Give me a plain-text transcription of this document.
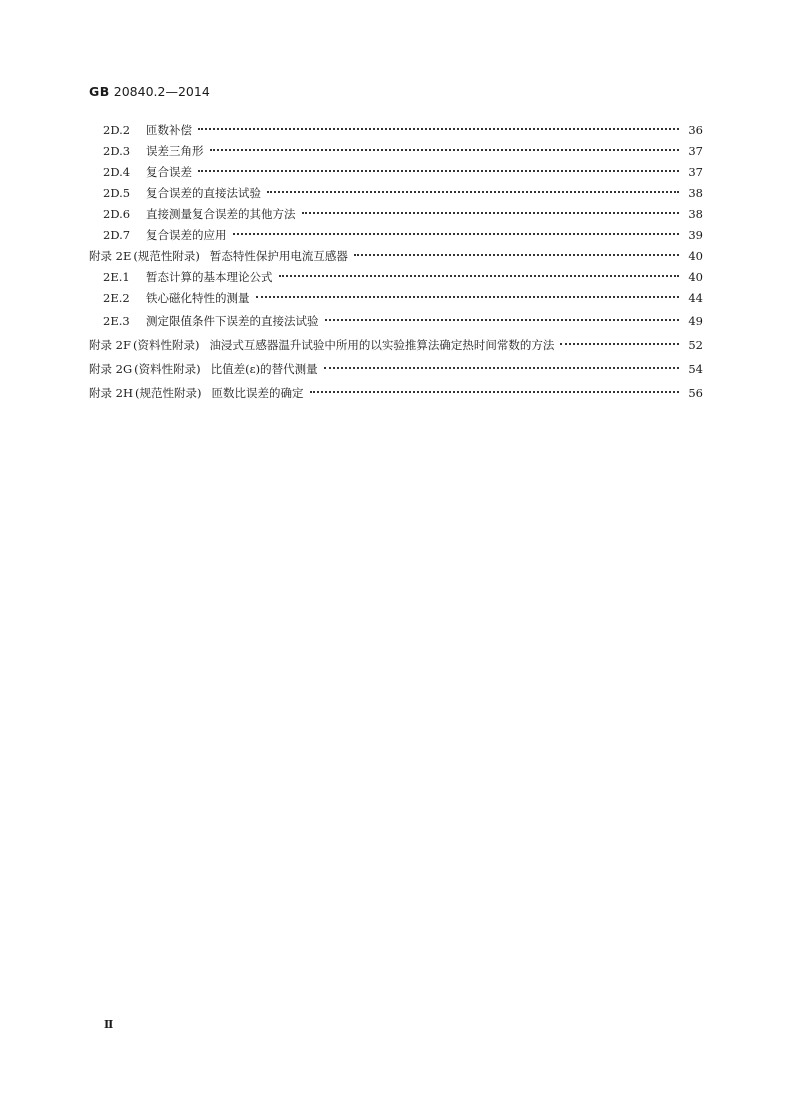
GB 20840.2—2014
2D.2	匝数补偿	36
2D.3	误差三角形	37
2D.4	复合误差	37
2D.5	复合误差的直接法试验	38
2D.6	直接测量复合误差的其他方法	38
2D.7	复合误差的应用	39
附录 2E (规范性附录) 暂态特性保护用电流互感器	40
2E.1	暂态计算的基本理论公式	40
2E.2	铁心磁化特性的测量	44
2E.3	测定限值条件下误差的直接法试验	49
附录 2F (资料性附录) 油浸式互感器温升试验中所用的以实验推算法确定热时间常数的方法	52
附录 2G (资料性附录) 比值差(ε)的替代测量	54
附录 2H (规范性附录) 匝数比误差的确定	56
Ⅱ
